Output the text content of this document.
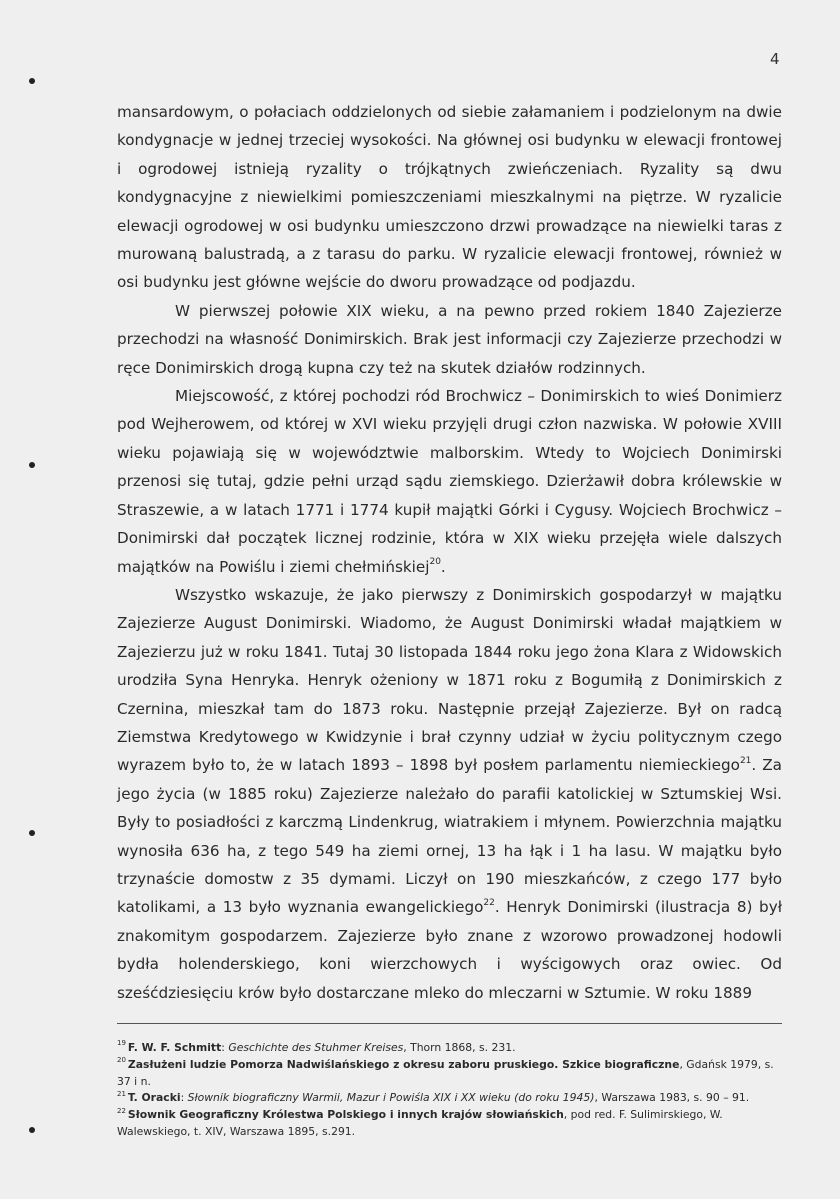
4

mansardowym, o połaciach oddzielonych od siebie załamaniem i podzielonym na dwie kondygnacje w jednej trzeciej wysokości. Na głównej osi budynku w elewacji frontowej i ogrodowej istnieją ryzality o trójkątnych zwieńczeniach. Ryzality są dwu kondygnacyjne z niewielkimi pomieszczeniami mieszkalnymi na piętrze. W ryzalicie elewacji ogrodowej w osi budynku umieszczono drzwi prowadzące na niewielki taras z murowaną balustradą, a z tarasu do parku. W ryzalicie elewacji frontowej, również w osi budynku jest główne wejście do dworu prowadzące od podjazdu.

W pierwszej połowie XIX wieku, a na pewno przed rokiem 1840 Zajezierze przechodzi na własność Donimirskich. Brak jest informacji czy Zajezierze przechodzi w ręce Donimirskich drogą kupna czy też na skutek działów rodzinnych.

Miejscowość, z której pochodzi ród Brochwicz – Donimirskich to wieś Donimierz pod Wejherowem, od której w XVI wieku przyjęli drugi człon nazwiska. W połowie XVIII wieku pojawiają się w województwie malborskim. Wtedy to Wojciech Donimirski przenosi się tutaj, gdzie pełni urząd sądu ziemskiego. Dzierżawił dobra królewskie w Straszewie, a w latach 1771 i 1774 kupił majątki Górki i Cygusy. Wojciech Brochwicz – Donimirski dał początek licznej rodzinie, która w XIX wieku przejęła wiele dalszych majątków na Powiślu i ziemi chełmińskiej$^{20}$.

Wszystko wskazuje, że jako pierwszy z Donimirskich gospodarzył w majątku Zajezierze August Donimirski. Wiadomo, że August Donimirski władał majątkiem w Zajezierzu już w roku 1841. Tutaj 30 listopada 1844 roku jego żona Klara z Widowskich urodziła Syna Henryka. Henryk ożeniony w 1871 roku z Bogumiłą z Donimirskich z Czernina, mieszkał tam do 1873 roku. Następnie przejął Zajezierze. Był on radcą Ziemstwa Kredytowego w Kwidzynie i brał czynny udział w życiu politycznym czego wyrazem było to, że w latach 1893 – 1898 był posłem parlamentu niemieckiego$^{21}$. Za jego życia (w 1885 roku) Zajezierze należało do parafii katolickiej w Sztumskiej Wsi. Były to posiadłości z karczmą Lindenkrug, wiatrakiem i młynem. Powierzchnia majątku wynosiła 636 ha, z tego 549 ha ziemi ornej, 13 ha łąk i 1 ha lasu. W majątku było trzynaście domostw z 35 dymami. Liczył on 190 mieszkańców, z czego 177 było katolikami, a 13 było wyznania ewangelickiego$^{22}$. Henryk Donimirski (ilustracja 8) był znakomitym gospodarzem. Zajezierze było znane z wzorowo prowadzonej hodowli bydła holenderskiego, koni wierzchowych i wyścigowych oraz owiec. Od sześćdziesięciu krów było dostarczane mleko do mleczarni w Sztumie. W roku 1889

$^{19}$ F. W. F. Schmitt: Geschichte des Stuhmer Kreises, Thorn 1868, s. 231.

$^{20}$ Zasłużeni ludzie Pomorza Nadwiślańskiego z okresu zaboru pruskiego. Szkice biograficzne, Gdańsk 1979, s. 37 i n.

$^{21}$ T. Oracki: Słownik biograficzny Warmii, Mazur i Powiśla XIX i XX wieku (do roku 1945), Warszawa 1983, s. 90 – 91.

$^{22}$ Słownik Geograficzny Królestwa Polskiego i innych krajów słowiańskich, pod red. F. Sulimirskiego, W. Walewskiego, t. XIV, Warszawa 1895, s.291.
